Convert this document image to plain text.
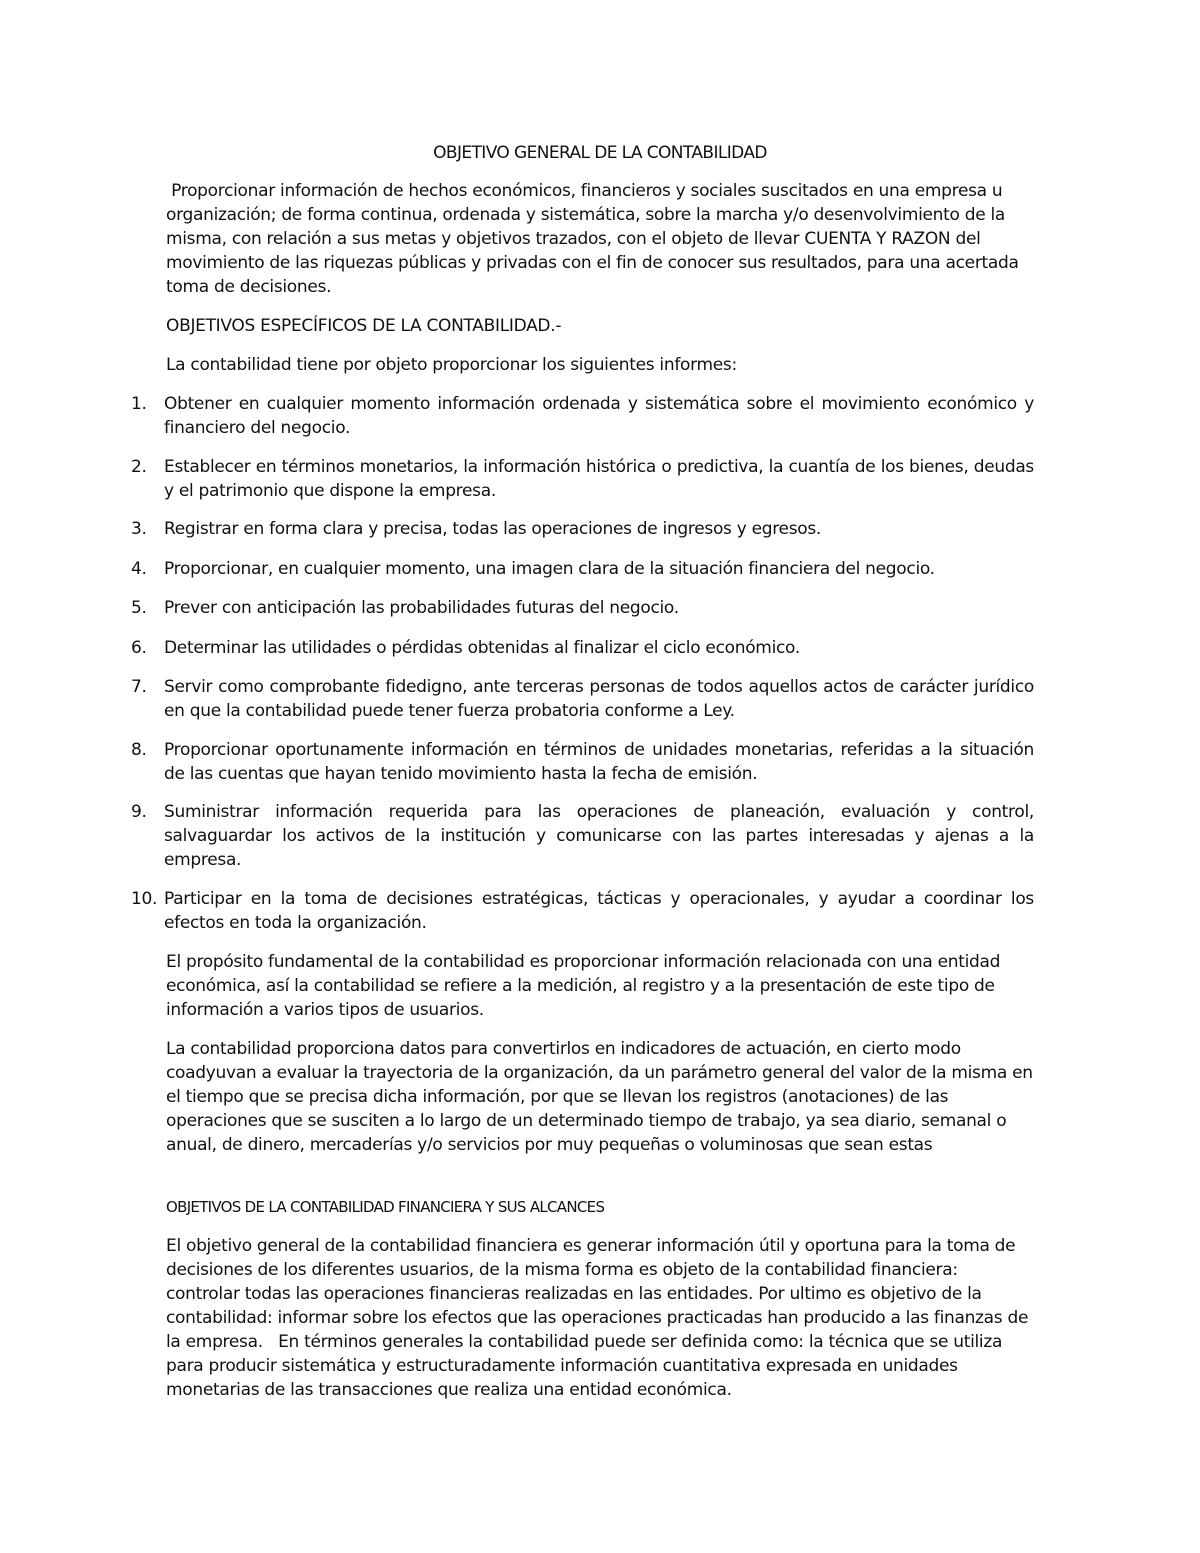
OBJETIVO GENERAL DE LA CONTABILIDAD

Proporcionar información de hechos económicos, financieros y sociales suscitados en una empresa u organización; de forma continua, ordenada y sistemática, sobre la marcha y/o desenvolvimiento de la misma, con relación a sus metas y objetivos trazados, con el objeto de llevar CUENTA Y RAZON del movimiento de las riquezas públicas y privadas con el fin de conocer sus resultados, para una acertada toma de decisiones.

OBJETIVOS ESPECÍFICOS DE LA CONTABILIDAD.-

La contabilidad tiene por objeto proporcionar los siguientes informes:

1.	Obtener en cualquier momento información ordenada y sistemática sobre el movimiento económico y financiero del negocio.
2.	Establecer en términos monetarios, la información histórica o predictiva, la cuantía de los bienes, deudas y el patrimonio que dispone la empresa.
3.	Registrar en forma clara y precisa, todas las operaciones de ingresos y egresos.
4.	Proporcionar, en cualquier momento, una imagen clara de la situación financiera del negocio.
5.	Prever con anticipación las probabilidades futuras del negocio.
6.	Determinar las utilidades o pérdidas obtenidas al finalizar el ciclo económico.
7.	Servir como comprobante fidedigno, ante terceras personas de todos aquellos actos de carácter jurídico en que la contabilidad puede tener fuerza probatoria conforme a Ley.
8.	Proporcionar oportunamente información en términos de unidades monetarias, referidas a la situación de las cuentas que hayan tenido movimiento hasta la fecha de emisión.
9.	Suministrar información requerida para las operaciones de planeación, evaluación y control, salvaguardar los activos de la institución y comunicarse con las partes interesadas y ajenas a la empresa.
10. Participar en la toma de decisiones estratégicas, tácticas y operacionales, y ayudar a coordinar los efectos en toda la organización.

El propósito fundamental de la contabilidad es proporcionar información relacionada con una entidad económica, así la contabilidad se refiere a la medición, al registro y a la presentación de este tipo de información a varios tipos de usuarios.

La contabilidad proporciona datos para convertirlos en indicadores de actuación, en cierto modo coadyuvan a evaluar la trayectoria de la organización, da un parámetro general del valor de la misma en el tiempo que se precisa dicha información, por que se llevan los registros (anotaciones) de las operaciones que se susciten a lo largo de un determinado tiempo de trabajo, ya sea diario, semanal o anual, de dinero, mercaderías y/o servicios por muy pequeñas o voluminosas que sean estas

OBJETIVOS DE LA CONTABILIDAD FINANCIERA Y SUS ALCANCES

El objetivo general de la contabilidad financiera es generar información útil y oportuna para la toma de decisiones de los diferentes usuarios, de la misma forma es objeto de la contabilidad financiera: controlar todas las operaciones financieras realizadas en las entidades. Por ultimo es objetivo de la contabilidad: informar sobre los efectos que las operaciones practicadas han producido a las finanzas de la empresa.   En términos generales la contabilidad puede ser definida como: la técnica que se utiliza para producir sistemática y estructuradamente información cuantitativa expresada en unidades monetarias de las transacciones que realiza una entidad económica.
